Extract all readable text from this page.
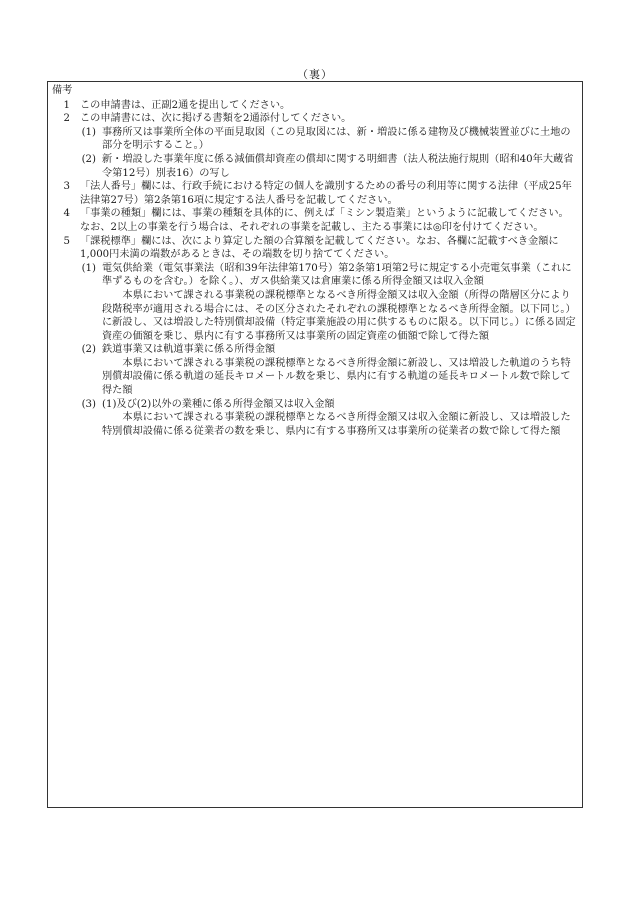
（裏）
備考
1 この申請書は、正副2通を提出してください。
2 この申請書には、次に掲げる書類を2通添付してください。
(1) 事務所又は事業所全体の平面見取図（この見取図には、新・増設に係る建物及び機械装置並びに土地の部分を明示すること。）
(2) 新・増設した事業年度に係る減価償却資産の償却に関する明細書（法人税法施行規則（昭和40年大蔵省令第12号）別表16）の写し
3 「法人番号」欄には、行政手続における特定の個人を識別するための番号の利用等に関する法律（平成25年法律第27号）第2条第16項に規定する法人番号を記載してください。
4 「事業の種類」欄には、事業の種類を具体的に、例えば「ミシン製造業」というように記載してください。なお、2以上の事業を行う場合は、それぞれの事業を記載し、主たる事業には◎印を付けてください。
5 「課税標準」欄には、次により算定した額の合算額を記載してください。なお、各欄に記載すべき金額に1,000円未満の端数があるときは、その端数を切り捨ててください。
(1) 電気供給業（電気事業法（昭和39年法律第170号）第2条第1項第2号に規定する小売電気事業（これに準ずるものを含む。）を除く。）、ガス供給業又は倉庫業に係る所得金額又は収入金額

本県において課される事業税の課税標準となるべき所得金額又は収入金額（所得の階層区分により段階税率が適用される場合には、その区分されたそれぞれの課税標準となるべき所得金額。以下同じ。）に新設し、又は増設した特別償却設備（特定事業施設の用に供するものに限る。以下同じ。）に係る固定資産の価額を乗じ、県内に有する事務所又は事業所の固定資産の価額で除して得た額

(2) 鉄道事業又は軌道事業に係る所得金額

本県において課される事業税の課税標準となるべき所得金額に新設し、又は増設した軌道のうち特別償却設備に係る軌道の延長キロメートル数を乗じ、県内に有する軌道の延長キロメートル数で除して得た額

(3) (1)及び(2)以外の業種に係る所得金額又は収入金額

本県において課される事業税の課税標準となるべき所得金額又は収入金額に新設し、又は増設した特別償却設備に係る従業者の数を乗じ、県内に有する事務所又は事業所の従業者の数で除して得た額
